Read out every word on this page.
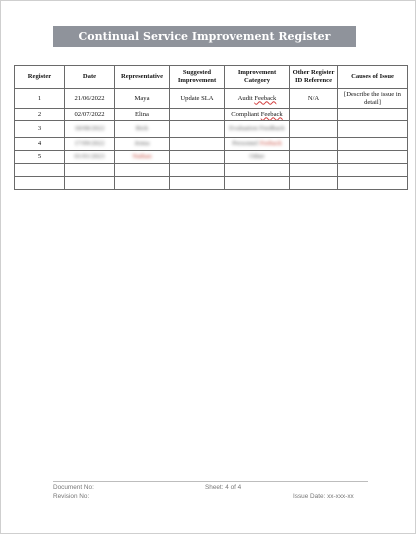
Continual Service Improvement Register
Register	Date	Representative	Suggested Improvement	Improvement Category	Other Register ID Reference	Causes of Issue
1	21/06/2022	Maya	Update SLA	Audit Feeback	N/A	[Describe the issue in detail]
2	02/07/2022	Elina		Compliant Feeback		
3	18/08/2022	Rick		Evaluation Feedback		
4	17/09/2022	Jenna		Personnel Feeback		
5	01/01/2023	Nathan		Other		

Document No:
Revision No:
Sheet: 4 of 4
Issue Date: xx-xxx-xx
